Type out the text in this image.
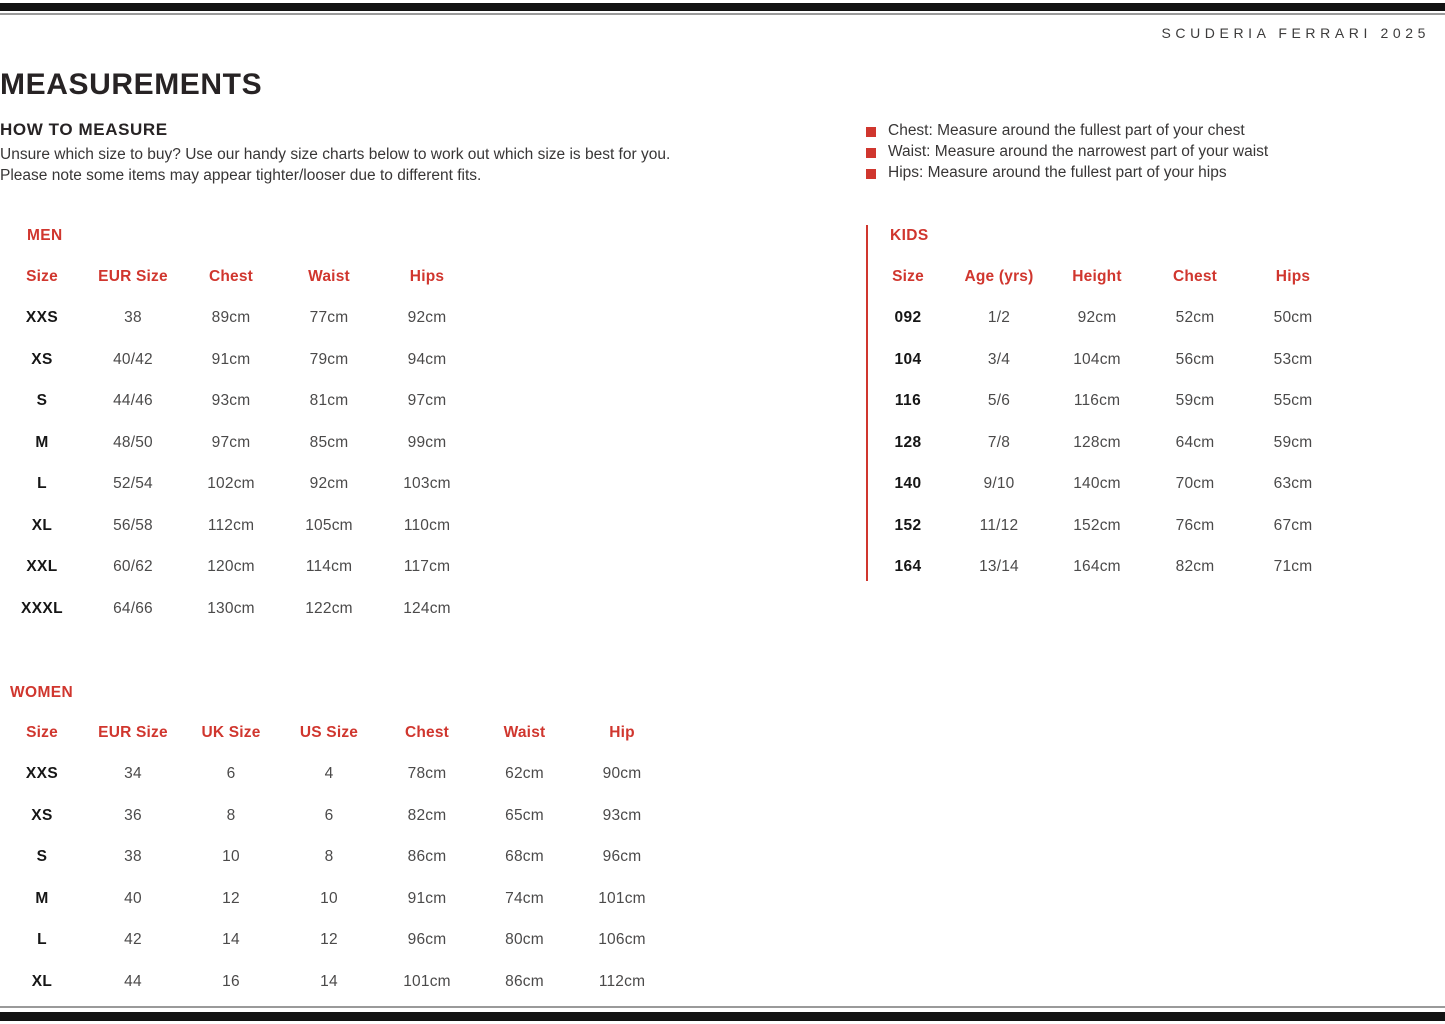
SCUDERIA FERRARI 2025
MEASUREMENTS
HOW TO MEASURE

Unsure which size to buy? Use our handy size charts below to work out which size is best for you.

Please note some items may appear tighter/looser due to different fits.

Chest: Measure around the fullest part of your chest
Waist: Measure around the narrowest part of your waist
Hips: Measure around the fullest part of your hips
MEN	KIDS
WOMEN
Size	EUR Size	Chest	Waist	Hips
XXS	38	89cm	77cm	92cm
XS	40/42	91cm	79cm	94cm
S	44/46	93cm	81cm	97cm
M	48/50	97cm	85cm	99cm
L	52/54	102cm	92cm	103cm
XL	56/58	112cm	105cm	110cm
XXL	60/62	120cm	114cm	117cm
XXXL	64/66	130cm	122cm	124cm
Size	Age (yrs)	Height	Chest	Hips
092	1/2	92cm	52cm	50cm
104	3/4	104cm	56cm	53cm
116	5/6	116cm	59cm	55cm
128	7/8	128cm	64cm	59cm
140	9/10	140cm	70cm	63cm
152	11/12	152cm	76cm	67cm
164	13/14	164cm	82cm	71cm
Size	EUR Size	UK Size	US Size	Chest	Waist	Hip
XXS	34	6	4	78cm	62cm	90cm
XS	36	8	6	82cm	65cm	93cm
S	38	10	8	86cm	68cm	96cm
M	40	12	10	91cm	74cm	101cm
L	42	14	12	96cm	80cm	106cm
XL	44	16	14	101cm	86cm	112cm
